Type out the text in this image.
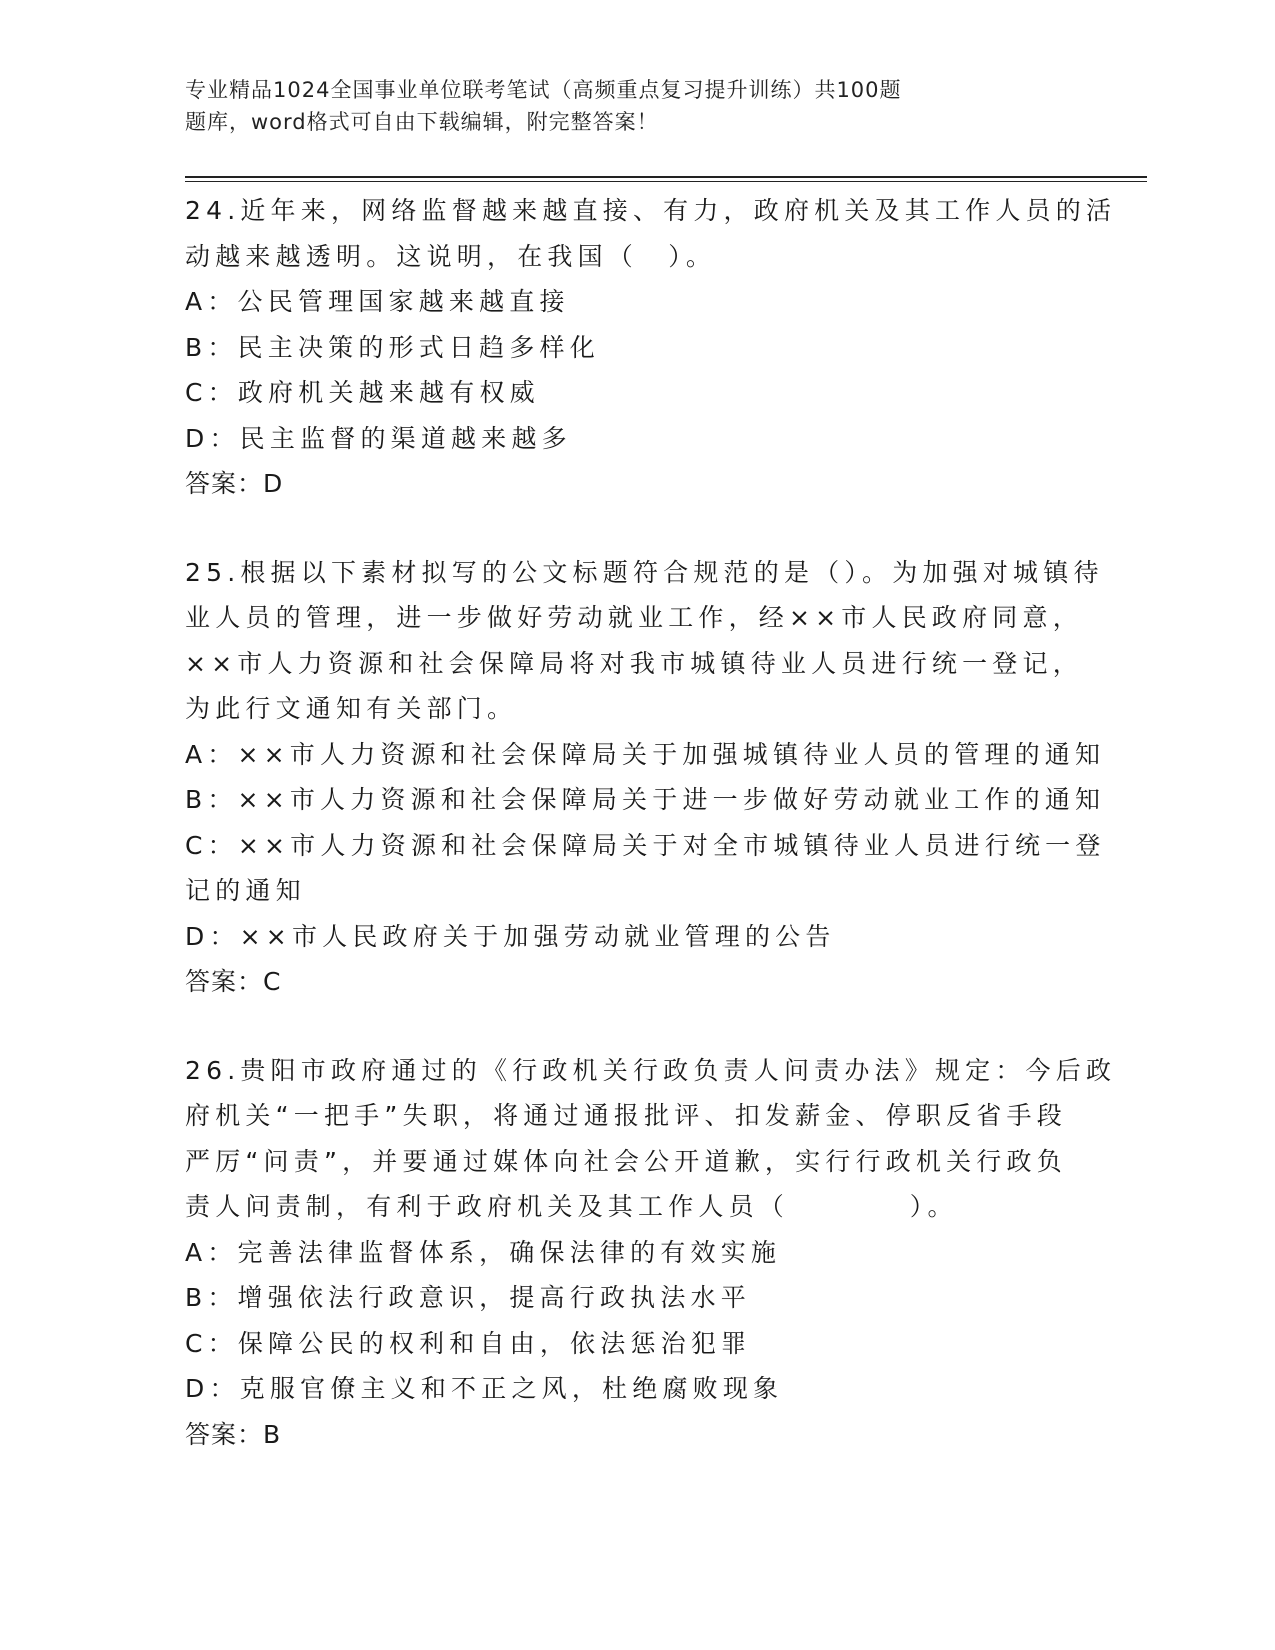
专业精品1024全国事业单位联考笔试（高频重点复习提升训练）共100题
题库，word格式可自由下载编辑，附完整答案！
24.近年来，网络监督越来越直接、有力，政府机关及其工作人员的活
动越来越透明。这说明，在我国（　）。
A：公民管理国家越来越直接
B：民主决策的形式日趋多样化
C：政府机关越来越有权威
D：民主监督的渠道越来越多
答案：D
25.根据以下素材拟写的公文标题符合规范的是（）。为加强对城镇待
业人员的管理，进一步做好劳动就业工作，经××市人民政府同意，
××市人力资源和社会保障局将对我市城镇待业人员进行统一登记，
为此行文通知有关部门。
A：××市人力资源和社会保障局关于加强城镇待业人员的管理的通知
B：××市人力资源和社会保障局关于进一步做好劳动就业工作的通知
C：××市人力资源和社会保障局关于对全市城镇待业人员进行统一登
记的通知
D：××市人民政府关于加强劳动就业管理的公告
答案：C
26.贵阳市政府通过的《行政机关行政负责人问责办法》规定：今后政
府机关“一把手”失职，将通过通报批评、扣发薪金、停职反省手段
严厉“问责”，并要通过媒体向社会公开道歉，实行行政机关行政负
责人问责制，有利于政府机关及其工作人员（　　　　）。
A：完善法律监督体系，确保法律的有效实施
B：增强依法行政意识，提高行政执法水平
C：保障公民的权利和自由，依法惩治犯罪
D：克服官僚主义和不正之风，杜绝腐败现象
答案：B
